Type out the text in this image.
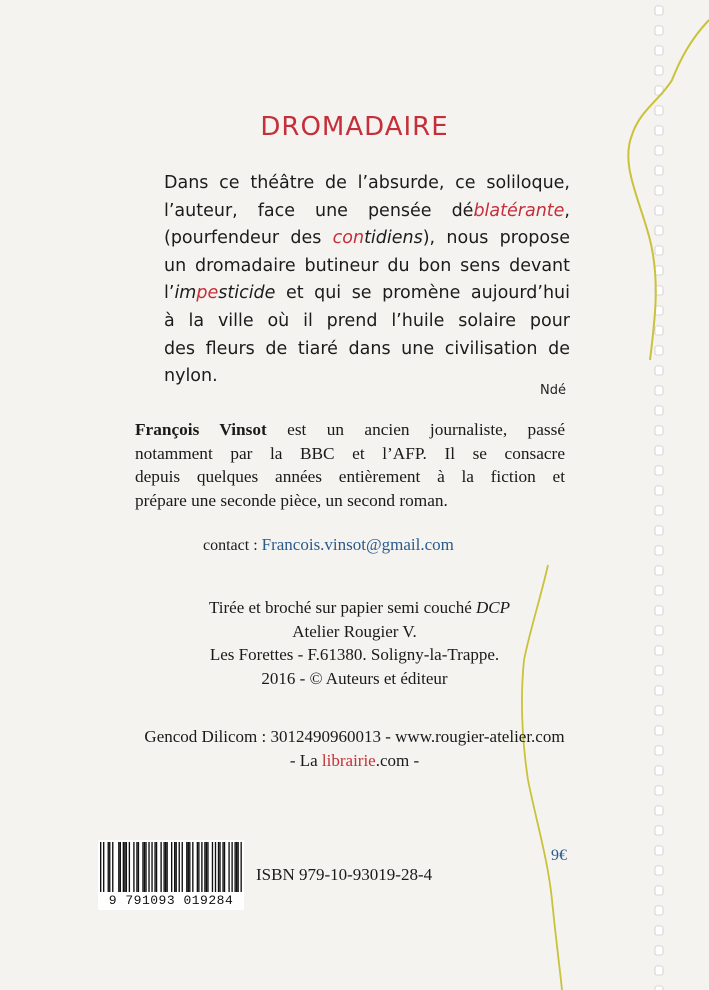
DROMADAIRE
Dans ce théâtre de l’absurde, ce soliloque,
l’auteur, face une pensée déblatérante,
(pourfendeur des contidiens), nous propose
un dromadaire butineur du bon sens devant
l’impesticide et qui se promène aujourd’hui
à la ville où il prend l’huile solaire pour
des fleurs de tiaré dans une civilisation de
nylon.
Ndé
François Vinsot est un ancien journaliste, passé
notamment par la BBC et l’AFP. Il se consacre
depuis quelques années entièrement à la fiction et
prépare une seconde pièce, un second roman.
contact : Francois.vinsot@gmail.com
Tirée et broché sur papier semi couché DCP
Atelier Rougier V.
Les Forettes - F.61380. Soligny-la-Trappe.
2016 - © Auteurs et éditeur
Gencod Dilicom : 3012490960013 - www.rougier-atelier.com
- La librairie.com -
9 791093 019284
ISBN 979-10-93019-28-4
9€
